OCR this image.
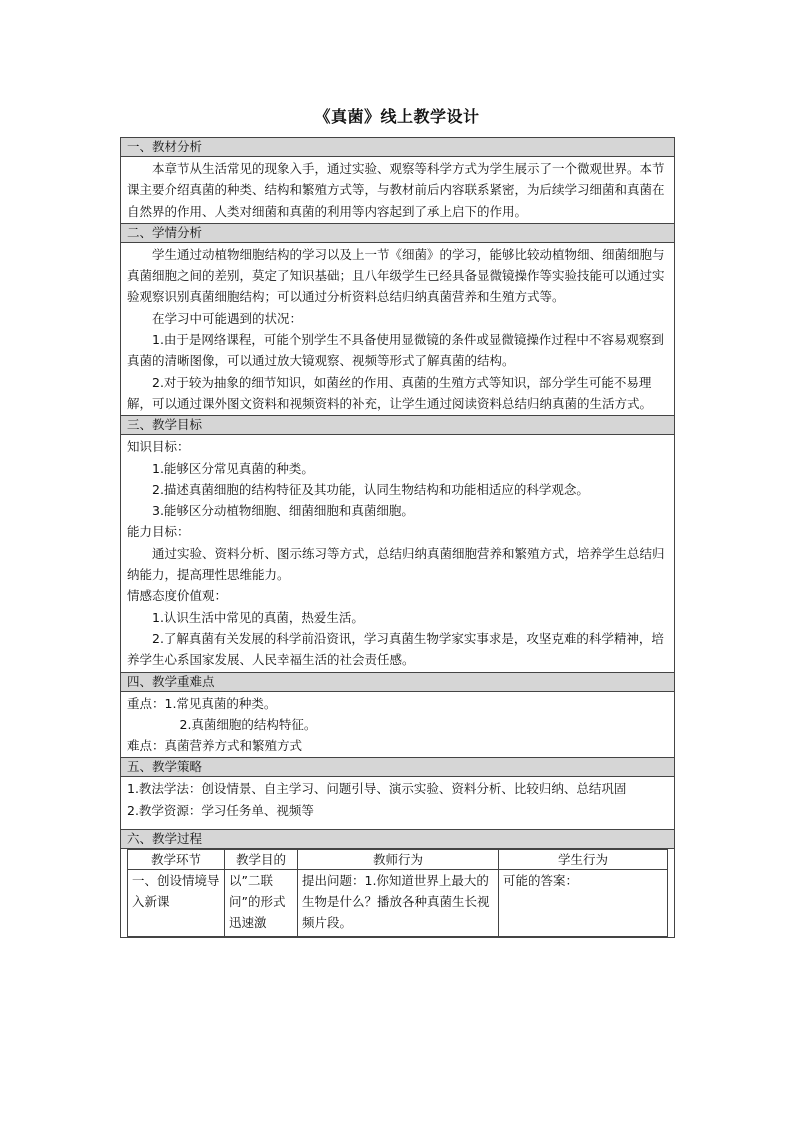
《真菌》线上教学设计
一、教材分析

本章节从生活常见的现象入手，通过实验、观察等科学方式为学生展示了一个微观世界。本节课主要介绍真菌的种类、结构和繁殖方式等，与教材前后内容联系紧密，为后续学习细菌和真菌在自然界的作用、人类对细菌和真菌的利用等内容起到了承上启下的作用。

二、学情分析

学生通过动植物细胞结构的学习以及上一节《细菌》的学习，能够比较动植物细、细菌细胞与真菌细胞之间的差别，莫定了知识基础；且八年级学生已经具备显微镜操作等实验技能可以通过实验观察识别真菌细胞结构；可以通过分析资料总结归纳真菌营养和生殖方式等。

在学习中可能遇到的状况：

1.由于是网络课程，可能个别学生不具备使用显微镜的条件或显微镜操作过程中不容易观察到真菌的清晰图像，可以通过放大镜观察、视频等形式了解真菌的结构。

2.对于较为抽象的细节知识，如菌丝的作用、真菌的生殖方式等知识，部分学生可能不易理解，可以通过课外图文资料和视频资料的补充，让学生通过阅读资料总结归纳真菌的生活方式。

三、教学目标

知识目标：

1.能够区分常见真菌的种类。

2.描述真菌细胞的结构特征及其功能，认同生物结构和功能相适应的科学观念。

3.能够区分动植物细胞、细菌细胞和真菌细胞。

能力目标：

通过实验、资料分析、图示练习等方式，总结归纳真菌细胞营养和繁殖方式，培养学生总结归纳能力，提高理性思维能力。

情感态度价值观：

1.认识生活中常见的真菌，热爱生活。

2.了解真菌有关发展的科学前沿资讯，学习真菌生物学家实事求是，攻坚克难的科学精神，培养学生心系国家发展、人民幸福生活的社会责任感。

四、教学重难点

重点：1.常见真菌的种类。

2.真菌细胞的结构特征。

难点：真菌营养方式和繁殖方式

五、教学策略

1.教法学法：创设情景、自主学习、问题引导、演示实验、资料分析、比较归纳、总结巩固

2.教学资源：学习任务单、视频等

六、教学过程

教学环节	教学目的	教师行为	学生行为
一、创设情境导入新课	以”二联问”的形式迅速激	提出问题：1.你知道世界上最大的生物是什么？播放各种真菌生长视频片段。	可能的答案：
